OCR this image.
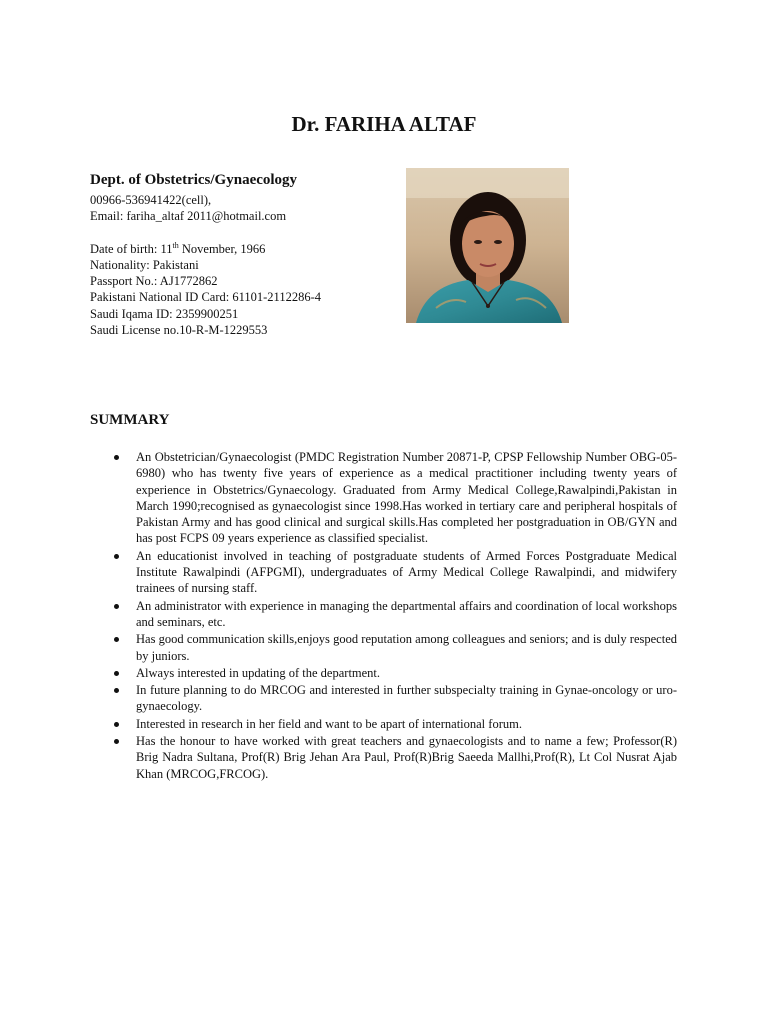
Dr. FARIHA ALTAF
Dept. of Obstetrics/Gynaecology
00966-536941422(cell),
Email: fariha_altaf 2011@hotmail.com
Date of birth: 11th November, 1966
Nationality: Pakistani
Passport No.: AJ1772862
Pakistani National ID Card: 61101-2112286-4
Saudi Iqama ID: 2359900251
Saudi License no.10-R-M-1229553
SUMMARY
An Obstetrician/Gynaecologist (PMDC Registration Number 20871-P, CPSP Fellowship Number OBG-05-6980) who has twenty five years of experience as a medical practitioner including twenty years of experience in Obstetrics/Gynaecology. Graduated from Army Medical College,Rawalpindi,Pakistan in March 1990;recognised as gynaecologist since 1998.Has worked in tertiary care and peripheral hospitals of Pakistan Army and has good clinical and surgical skills.Has completed her postgraduation in OB/GYN and has post FCPS 09 years experience as classified specialist.
An educationist involved in teaching of postgraduate students of Armed Forces Postgraduate Medical Institute Rawalpindi (AFPGMI), undergraduates of Army Medical College Rawalpindi, and midwifery trainees of nursing staff.
An administrator with experience in managing the departmental affairs and coordination of local workshops and seminars, etc.
Has good communication skills,enjoys good reputation among colleagues and seniors; and is duly respected by juniors.
Always interested in updating of the department.
In future planning to do MRCOG and interested in further subspecialty training in Gynae-oncology or uro-gynaecology.
Interested in research in her field and want to be apart of international forum.
Has the honour to have worked with great teachers and gynaecologists and to name a few; Professor(R) Brig Nadra Sultana, Prof(R) Brig Jehan Ara Paul, Prof(R)Brig Saeeda Mallhi,Prof(R), Lt Col Nusrat Ajab Khan (MRCOG,FRCOG).
